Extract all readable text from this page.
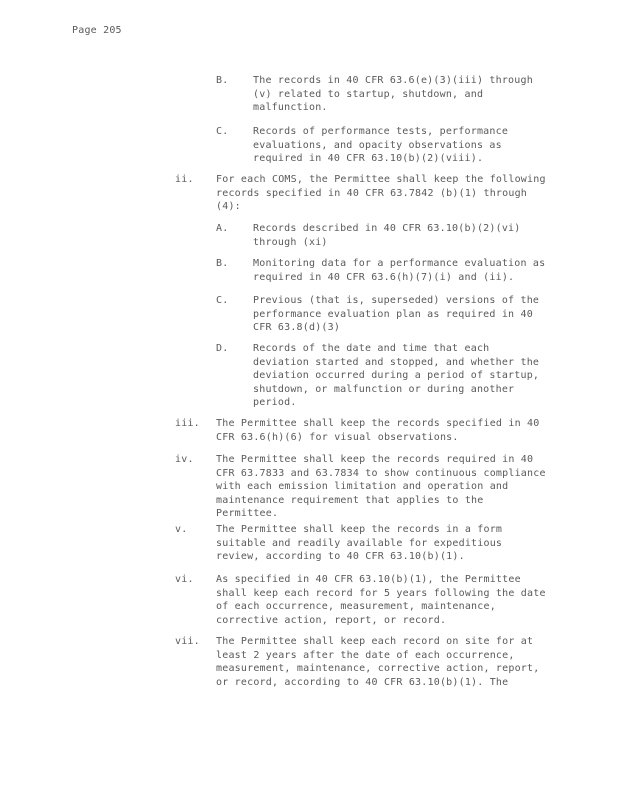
Page 205
B. The records in 40 CFR 63.6(e)(3)(iii) through
(v) related to startup, shutdown, and
malfunction.
C. Records of performance tests, performance
evaluations, and opacity observations as
required in 40 CFR 63.10(b)(2)(viii).
ii. For each COMS, the Permittee shall keep the following
records specified in 40 CFR 63.7842 (b)(1) through
(4):
A. Records described in 40 CFR 63.10(b)(2)(vi)
through (xi)
B. Monitoring data for a performance evaluation as
required in 40 CFR 63.6(h)(7)(i) and (ii).
C. Previous (that is, superseded) versions of the
performance evaluation plan as required in 40
CFR 63.8(d)(3)
D. Records of the date and time that each
deviation started and stopped, and whether the
deviation occurred during a period of startup,
shutdown, or malfunction or during another
period.
iii. The Permittee shall keep the records specified in 40
CFR 63.6(h)(6) for visual observations.
iv. The Permittee shall keep the records required in 40
CFR 63.7833 and 63.7834 to show continuous compliance
with each emission limitation and operation and
maintenance requirement that applies to the
Permittee.
v.	The Permittee shall keep the records in a form
suitable and readily available for expeditious
review, according to 40 CFR 63.10(b)(1).
vi. As specified in 40 CFR 63.10(b)(1), the Permittee
shall keep each record for 5 years following the date
of each occurrence, measurement, maintenance,
corrective action, report, or record.
vii. The Permittee shall keep each record on site for at
least 2 years after the date of each occurrence,
measurement, maintenance, corrective action, report,
or record, according to 40 CFR 63.10(b)(1). The
